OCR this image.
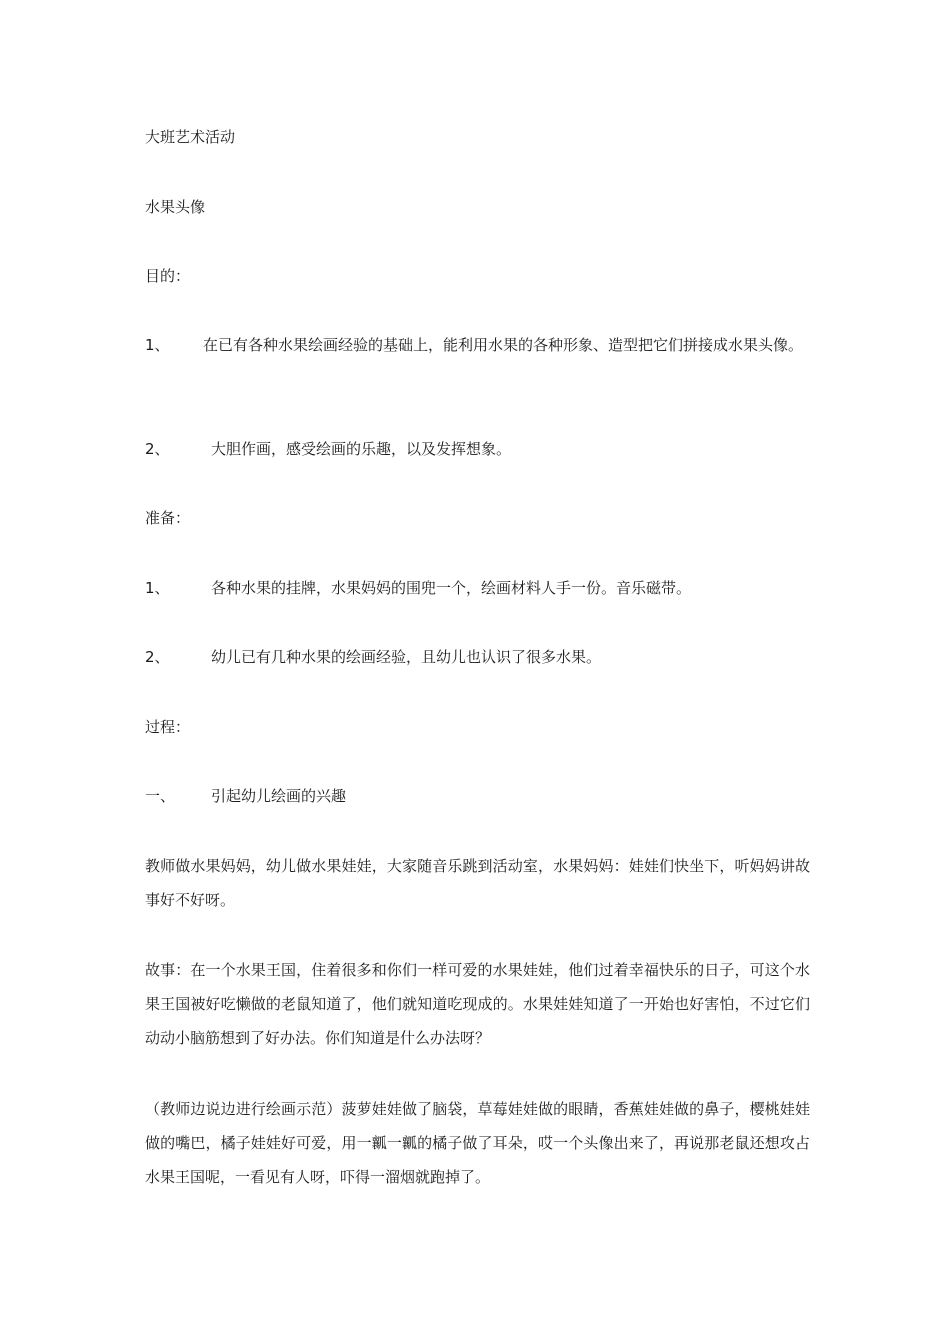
大班艺术活动

水果头像

目的：

1、 在已有各种水果绘画经验的基础上，能利用水果的各种形象、造型把它们拼接成水果头像。

2、	大胆作画，感受绘画的乐趣，以及发挥想象。

准备：

1、	各种水果的挂牌，水果妈妈的围兜一个，绘画材料人手一份。音乐磁带。

2、	幼儿已有几种水果的绘画经验，且幼儿也认识了很多水果。

过程：

一、 引起幼儿绘画的兴趣

教师做水果妈妈，幼儿做水果娃娃，大家随音乐跳到活动室，水果妈妈：娃娃们快坐下，听妈妈讲故事好不好呀。

故事：在一个水果王国，住着很多和你们一样可爱的水果娃娃，他们过着幸福快乐的日子，可这个水果王国被好吃懒做的老鼠知道了，他们就知道吃现成的。水果娃娃知道了一开始也好害怕，不过它们动动小脑筋想到了好办法。你们知道是什么办法呀？

（教师边说边进行绘画示范）菠萝娃娃做了脑袋，草莓娃娃做的眼睛，香蕉娃娃做的鼻子，樱桃娃娃做的嘴巴，橘子娃娃好可爱，用一瓤一瓤的橘子做了耳朵，哎一个头像出来了，再说那老鼠还想攻占水果王国呢，一看见有人呀，吓得一溜烟就跑掉了。
